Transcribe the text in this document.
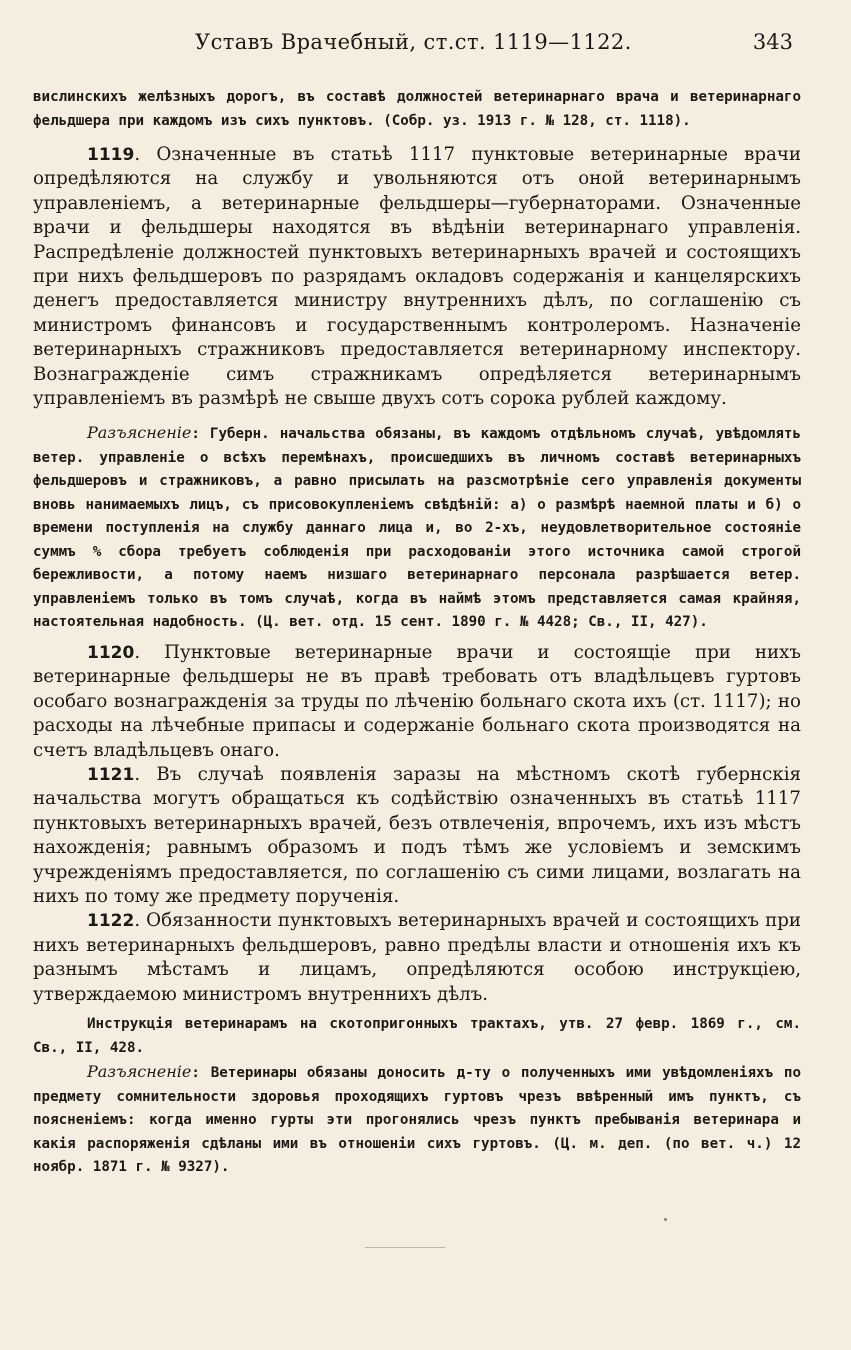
Уставъ Врачебный, ст.ст. 1119—1122.	343

вислинскихъ желѣзныхъ дорогъ, въ составѣ должностей ветеринарнаго врача и ветеринарнаго фельдшера при каждомъ изъ сихъ пунктовъ. (Собр. уз. 1913 г. № 128, ст. 1118).

1119. Означенные въ статьѣ 1117 пунктовые ветеринарные врачи опредѣляются на службу и увольняются отъ оной ветеринарнымъ управленіемъ, а ветеринарные фельдшеры—губернаторами. Означенные врачи и фельдшеры находятся въ вѣдѣніи ветеринарнаго управленія. Распредѣленіе должностей пунктовыхъ ветеринарныхъ врачей и состоящихъ при нихъ фельдшеровъ по разрядамъ окладовъ содержанія и канцелярскихъ денегъ предоставляется министру внутреннихъ дѣлъ, по соглашенію съ министромъ финансовъ и государственнымъ контролеромъ. Назначеніе ветеринарныхъ стражниковъ предоставляется ветеринарному инспектору. Вознагражденіе симъ стражникамъ опредѣляется ветеринарнымъ управленіемъ въ размѣрѣ не свыше двухъ сотъ сорока рублей каждому.

Разъясненіе: Губерн. начальства обязаны, въ каждомъ отдѣльномъ случаѣ, увѣдомлять ветер. управленіе о всѣхъ перемѣнахъ, происшедшихъ въ личномъ составѣ ветеринарныхъ фельдшеровъ и стражниковъ, а равно присылать на разсмотрѣніе сего управленія документы вновь нанимаемыхъ лицъ, съ присовокупленіемъ свѣдѣній: а) о размѣрѣ наемной платы и б) о времени поступленія на службу даннаго лица и, во 2-хъ, неудовлетворительное состояніе суммъ % сбора требуетъ соблюденія при расходованіи этого источника самой строгой бережливости, а потому наемъ низшаго ветеринарнаго персонала разрѣшается ветер. управленіемъ только въ томъ случаѣ, когда въ наймѣ этомъ представляется самая крайняя, настоятельная надобность. (Ц. вет. отд. 15 сент. 1890 г. № 4428; Св., II, 427).

1120. Пунктовые ветеринарные врачи и состоящіе при нихъ ветеринарные фельдшеры не въ правѣ требовать отъ владѣльцевъ гуртовъ особаго вознагражденія за труды по лѣченію больнаго скота ихъ (ст. 1117); но расходы на лѣчебные припасы и содержаніе больнаго скота производятся на счетъ владѣльцевъ онаго.

1121. Въ случаѣ появленія заразы на мѣстномъ скотѣ губернскія начальства могутъ обращаться къ содѣйствію означенныхъ въ статьѣ 1117 пунктовыхъ ветеринарныхъ врачей, безъ отвлеченія, впрочемъ, ихъ изъ мѣстъ нахожденія; равнымъ образомъ и подъ тѣмъ же условіемъ и земскимъ учрежденіямъ предоставляется, по соглашенію съ сими лицами, возлагать на нихъ по тому же предмету порученія.

1122. Обязанности пунктовыхъ ветеринарныхъ врачей и состоящихъ при нихъ ветеринарныхъ фельдшеровъ, равно предѣлы власти и отношенія ихъ къ разнымъ мѣстамъ и лицамъ, опредѣляются особою инструкціею, утверждаемою министромъ внутреннихъ дѣлъ.

Инструкція ветеринарамъ на скотопригонныхъ трактахъ, утв. 27 февр. 1869 г., см. Св., II, 428.

Разъясненіе: Ветеринары обязаны доносить д-ту о полученныхъ ими увѣдомленіяхъ по предмету сомнительности здоровья проходящихъ гуртовъ чрезъ ввѣренный имъ пунктъ, съ поясненіемъ: когда именно гурты эти прогонялись чрезъ пунктъ пребыванія ветеринара и какія распоряженія сдѣланы ими въ отношеніи сихъ гуртовъ. (Ц. м. деп. (по вет. ч.) 12 ноябр. 1871 г. № 9327).
